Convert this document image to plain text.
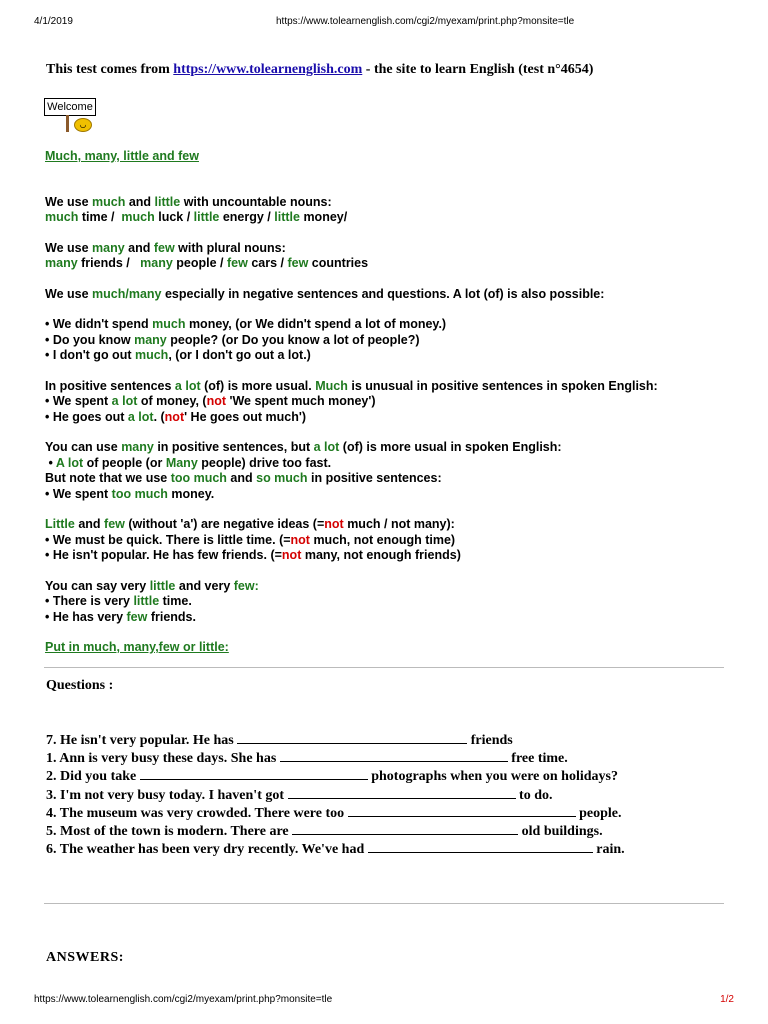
4/1/2019	https://www.tolearnenglish.com/cgi2/myexam/print.php?monsite=tle
This test comes from https://www.tolearnenglish.com - the site to learn English (test n°4654)
Welcome
◡
Much, many, little and few
We use much and little with uncountable nouns:
much time /  much luck / little energy / little money/
We use many and few with plural nouns:
many friends /   many people / few cars / few countries
We use much/many especially in negative sentences and questions. A lot (of) is also possible:
• We didn't spend much money, (or We didn't spend a lot of money.)
• Do you know many people? (or Do you know a lot of people?)
• I don't go out much, (or I don't go out a lot.)
In positive sentences a lot (of) is more usual. Much is unusual in positive sentences in spoken English:
• We spent a lot of money, (not 'We spent much money')
• He goes out a lot. (not' He goes out much')
You can use many in positive sentences, but a lot (of) is more usual in spoken English:
• A lot of people (or Many people) drive too fast.
But note that we use too much and so much in positive sentences:
• We spent too much money.
Little and few (without 'a') are negative ideas (=not much / not many):
• We must be quick. There is little time. (=not much, not enough time)
• He isn't popular. He has few friends. (=not many, not enough friends)
You can say very little and very few:
• There is very little time.
• He has very few friends.
Put in much, many,few or little:
Questions :
7. He isn't very popular. He has	friends
1. Ann is very busy these days. She has	free time.
2. Did you take	photographs when you were on holidays?
3. I'm not very busy today. I haven't got	to do.
4. The museum was very crowded. There were too	people.
5. Most of the town is modern. There are	old buildings.
6. The weather has been very dry recently. We've had	rain.
ANSWERS:
https://www.tolearnenglish.com/cgi2/myexam/print.php?monsite=tle	1/2
